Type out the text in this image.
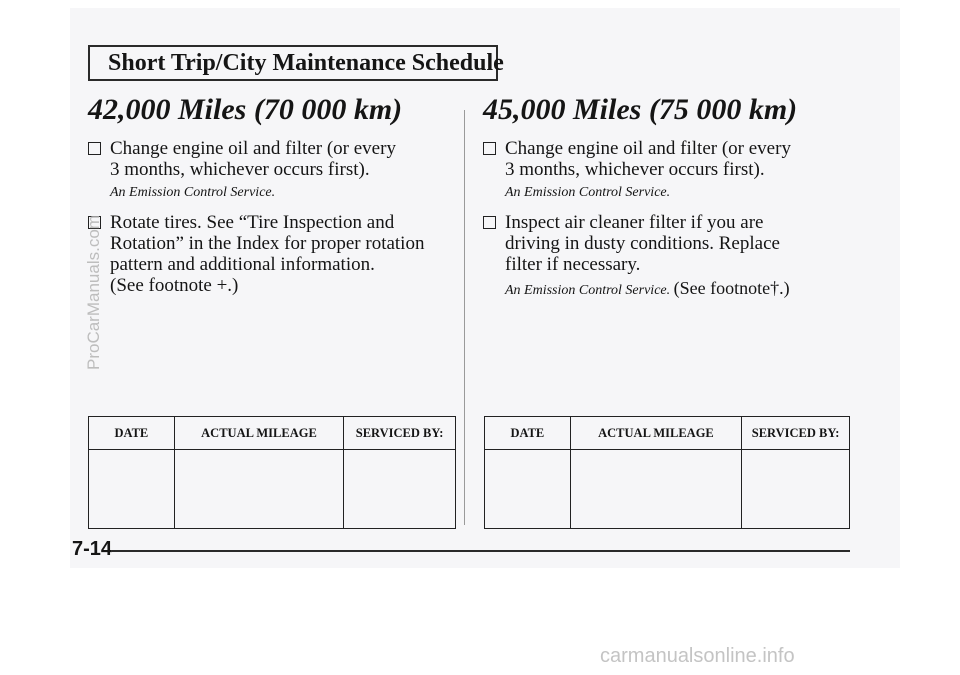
Short Trip/City Maintenance Schedule
42,000 Miles (70 000 km)
Change engine oil and filter (or every
3 months, whichever occurs first).
An Emission Control Service.
Rotate tires. See “Tire Inspection and
Rotation” in the Index for proper rotation
pattern and additional information.
(See footnote +.)
45,000 Miles (75 000 km)
Change engine oil and filter (or every
3 months, whichever occurs first).
An Emission Control Service.
Inspect air cleaner filter if you are
driving in dusty conditions. Replace
filter if necessary.
An Emission Control Service. (See footnote†.)
DATE	ACTUAL MILEAGE	SERVICED BY:
			DATE	ACTUAL MILEAGE	SERVICED BY:

7-14
ProCarManuals.com
carmanualsonline.info
